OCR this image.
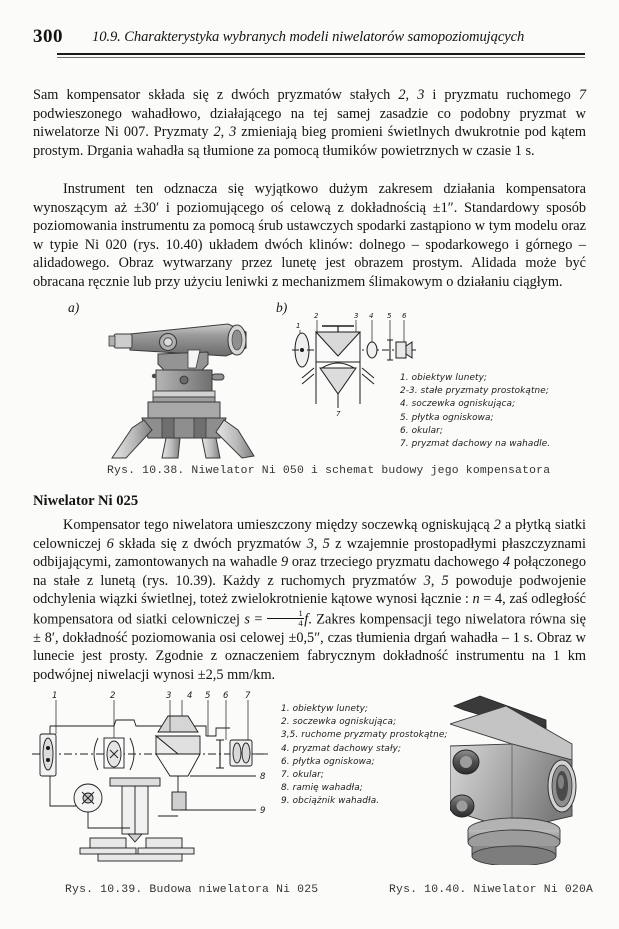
300 10.9. Charakterystyka wybranych modeli niwelatorów samopoziomujących

Sam kompensator składa się z dwóch pryzmatów stałych 2, 3 i pryzmatu ruchomego 7 podwieszonego wahadłowo, działającego na tej samej zasadzie co podobny pryzmat w niwelatorze Ni 007. Pryzmaty 2, 3 zmieniają bieg promieni świetlnych dwukrotnie pod kątem prostym. Drgania wahadła są tłumione za pomocą tłumików powietrznych w czasie 1 s.

Instrument ten odznacza się wyjątkowo dużym zakresem działania kompensatora wynoszącym aż ±30′ i poziomującego oś celową z dokładnością ±1″. Standardowy sposób poziomowania instrumentu za pomocą śrub ustawczych spodarki zastąpiono w tym modelu oraz w typie Ni 020 (rys. 10.40) układem dwóch klinów: dolnego – spodarkowego i górnego – alidadowego. Obraz wytwarzany przez lunetę jest obrazem prostym. Alidada może być obracana ręcznie lub przy użyciu leniwki z mechanizmem ślimakowym o działaniu ciągłym.

a)	b)
2	3 4 5 6
7
1
1. obiektyw lunety;
2-3. stałe pryzmaty prostokątne;
4. soczewka ogniskująca;
5. płytka ogniskowa;
6. okular;
7. pryzmat dachowy na wahadle.
Rys. 10.38. Niwelator Ni 050 i schemat budowy jego kompensatora
Niwelator Ni 025

Kompensator tego niwelatora umieszczony między soczewką ogniskującą 2 a płytką siatki celowniczej 6 składa się z dwóch pryzmatów 3, 5 z wzajemnie prostopadłymi płaszczyznami odbijającymi, zamontowanych na wahadle 9 oraz trzeciego pryzmatu dachowego 4 połączonego na stałe z lunetą (rys. 10.39). Każdy z ruchomych pryzmatów 3, 5 powoduje podwojenie odchylenia wiązki świetlnej, toteż zwielokrotnienie kątowe wynosi łącznie : n = 4, zaś odległość kompensatora od siatki celowniczej $s = \frac{1}{4} f$. Zakres kompensacji tego niwelatora równa się ± 8′, dokładność poziomowania osi celowej ±0,5″, czas tłumienia drgań wahadła – 1 s. Obraz w lunecie jest prosty. Zgodnie z oznaczeniem fabrycznym dokładność instrumentu na 1 km podwójnej niwelacji wynosi ±2,5 mm/km.

1	2	3 4 5 6 7
8
9
1. obiektyw lunety;
2. soczewka ogniskująca;
3,5. ruchome pryzmaty prostokątne;
4. pryzmat dachowy stały;
6. płytka ogniskowa;
7. okular;
8. ramię wahadła;
9. obciążnik wahadła.
Rys. 10.39. Budowa niwelatora Ni 025	Rys. 10.40. Niwelator Ni 020A
